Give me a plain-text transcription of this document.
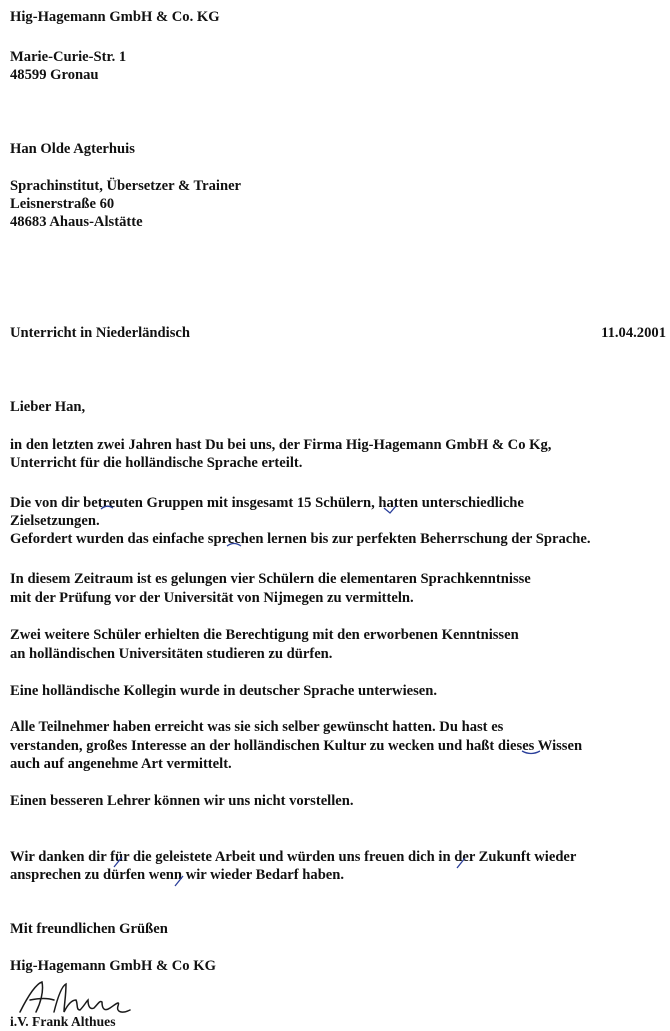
Hig-Hagemann GmbH & Co. KG
Marie-Curie-Str. 1
48599 Gronau
Han Olde Agterhuis
Sprachinstitut, Übersetzer & Trainer
Leisnerstraße 60
48683 Ahaus-Alstätte
Unterricht in Niederländisch	11.04.2001
Lieber Han,
in den letzten zwei Jahren hast Du bei uns, der Firma Hig-Hagemann GmbH & Co Kg,
Unterricht für die holländische Sprache erteilt.
Die von dir betreuten Gruppen mit insgesamt 15 Schülern, hatten unterschiedliche
Zielsetzungen.
Gefordert wurden das einfache sprechen lernen bis zur perfekten Beherrschung der Sprache.
In diesem Zeitraum ist es gelungen vier Schülern die elementaren Sprachkenntnisse
mit der Prüfung vor der Universität von Nijmegen zu vermitteln.
Zwei weitere Schüler erhielten die Berechtigung mit den erworbenen Kenntnissen
an holländischen Universitäten studieren zu dürfen.
Eine holländische Kollegin wurde in deutscher Sprache unterwiesen.
Alle Teilnehmer haben erreicht was sie sich selber gewünscht hatten. Du hast es
verstanden, großes Interesse an der holländischen Kultur zu wecken und haßt dieses Wissen
auch auf angenehme Art vermittelt.
Einen besseren Lehrer können wir uns nicht vorstellen.
Wir danken dir für die geleistete Arbeit und würden uns freuen dich in der Zukunft wieder
ansprechen zu dürfen wenn wir wieder Bedarf haben.
Mit freundlichen Grüßen
Hig-Hagemann GmbH & Co KG
i.V. Frank Althues
